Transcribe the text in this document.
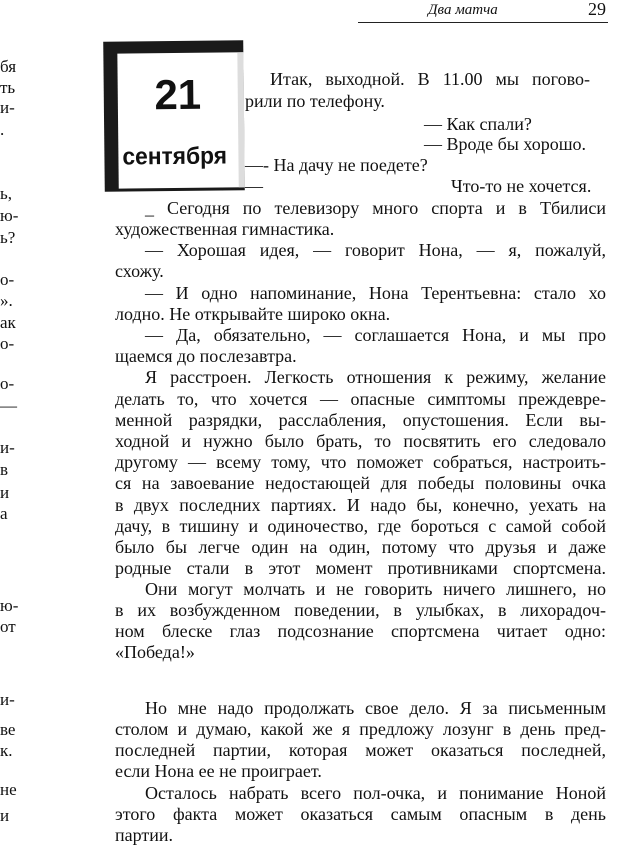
Два матча	29
бя
ть
и-
.
ь,
ю-
ь?
о-
».
ак
о-
о-
—
и-
в
и
а
ю-
от
и-
ве
к.
не
и
21
сентября
Итак, выходной. В 11.00 мы погово-
рили по телефону.
— Как спали?
— Вроде бы хорошо.
—- На дачу не поедете?
—	Что-то не хочется.
_ Сегодня по телевизору много спорта и в Тбилиси
художественная гимнастика.
— Хорошая идея, — говорит Нона, — я, пожалуй,
схожу.
— И одно напоминание, Нона Терентьевна: стало хо
лодно. Не открывайте широко окна.
— Да, обязательно, — соглашается Нона, и мы про
щаемся до послезавтра.
Я расстроен. Легкость отношения к режиму, желание
делать то, что хочется — опасные симптомы преждевре-
менной разрядки, расслабления, опустошения. Если вы-
ходной и нужно было брать, то посвятить его следовало
другому — всему тому, что поможет собраться, настроить-
ся на завоевание недостающей для победы половины очка
в двух последних партиях. И надо бы, конечно, уехать на
дачу, в тишину и одиночество, где бороться с самой собой
было бы легче один на один, потому что друзья и даже
родные стали в этот момент противниками спортсмена.
Они могут молчать и не говорить ничего лишнего, но
в их возбужденном поведении, в улыбках, в лихорадоч-
ном блеске глаз подсознание спортсмена читает одно:
«Победа!»
Но мне надо продолжать свое дело. Я за письменным
столом и думаю, какой же я предложу лозунг в день пред-
последней партии, которая может оказаться последней,
если Нона ее не проиграет.
Осталось набрать всего пол-очка, и понимание Ноной
этого факта может оказаться самым опасным в день
партии.
